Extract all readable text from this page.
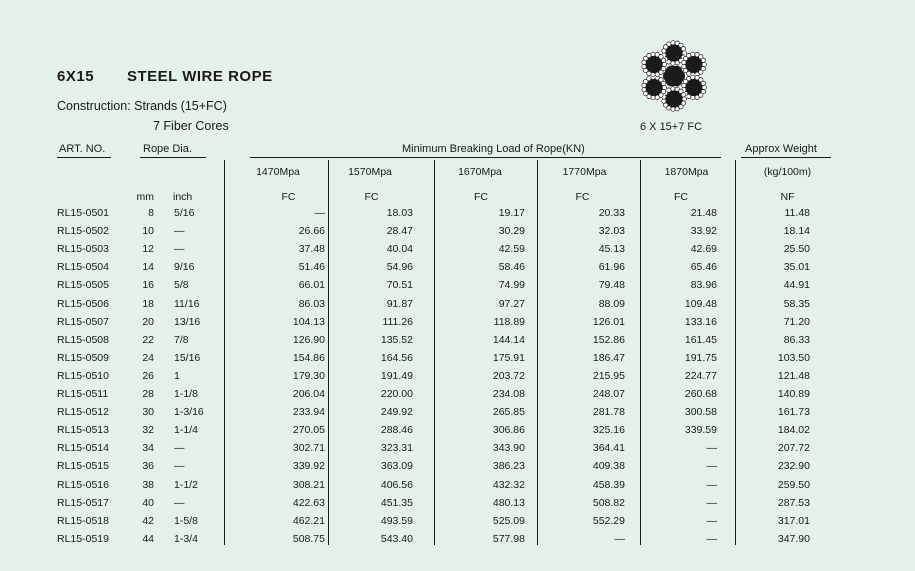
6X15 STEEL WIRE ROPE
Construction: Strands (15+FC)
7 Fiber Cores	6 X 15+7 FC
ART. NO.	Rope Dia.	Minimum Breaking Load of Rope(KN)	Approx Weight
1470Mpa	1570Mpa	1670Mpa	1770Mpa	1870Mpa	(kg/100m)
mm inch	FC	FC	FC	FC	FC	NF
RL15-0501	8 5/16	—	18.03	19.17	20.33	21.48	11.48
RL15-0502	10 —	26.66	28.47	30.29	32.03	33.92	18.14
RL15-0503	12 —	37.48	40.04	42.59	45.13	42.69	25.50
RL15-0504	14 9/16	51.46	54.96	58.46	61.96	65.46	35.01
RL15-0505	16 5/8	66.01	70.51	74.99	79.48	83.96	44.91
RL15-0506	18 11/16	86.03	91.87	97.27	88.09	109.48	58.35
RL15-0507	20 13/16	104.13	111.26	118.89	126.01	133.16	71.20
RL15-0508	22 7/8	126.90	135.52	144.14	152.86	161.45	86.33
RL15-0509	24 15/16	154.86	164.56	175.91	186.47	191.75	103.50
RL15-0510	26 1	179.30	191.49	203.72	215.95	224.77	121.48
RL15-0511	28 1-1/8	206.04	220.00	234.08	248.07	260.68	140.89
RL15-0512	30 1-3/16	233.94	249.92	265.85	281.78	300.58	161.73
RL15-0513	32 1-1/4	270.05	288.46	306.86	325.16	339.59	184.02
RL15-0514	34 —	302.71	323.31	343.90	364.41	—	207.72
RL15-0515	36 —	339.92	363.09	386.23	409.38	—	232.90
RL15-0516	38 1-1/2	308.21	406.56	432.32	458.39	—	259.50
RL15-0517	40 —	422.63	451.35	480.13	508.82	—	287.53
RL15-0518	42 1-5/8	462.21	493.59	525.09	552.29	—	317.01
RL15-0519	44 1-3/4	508.75	543.40	577.98	—	—	347.90
